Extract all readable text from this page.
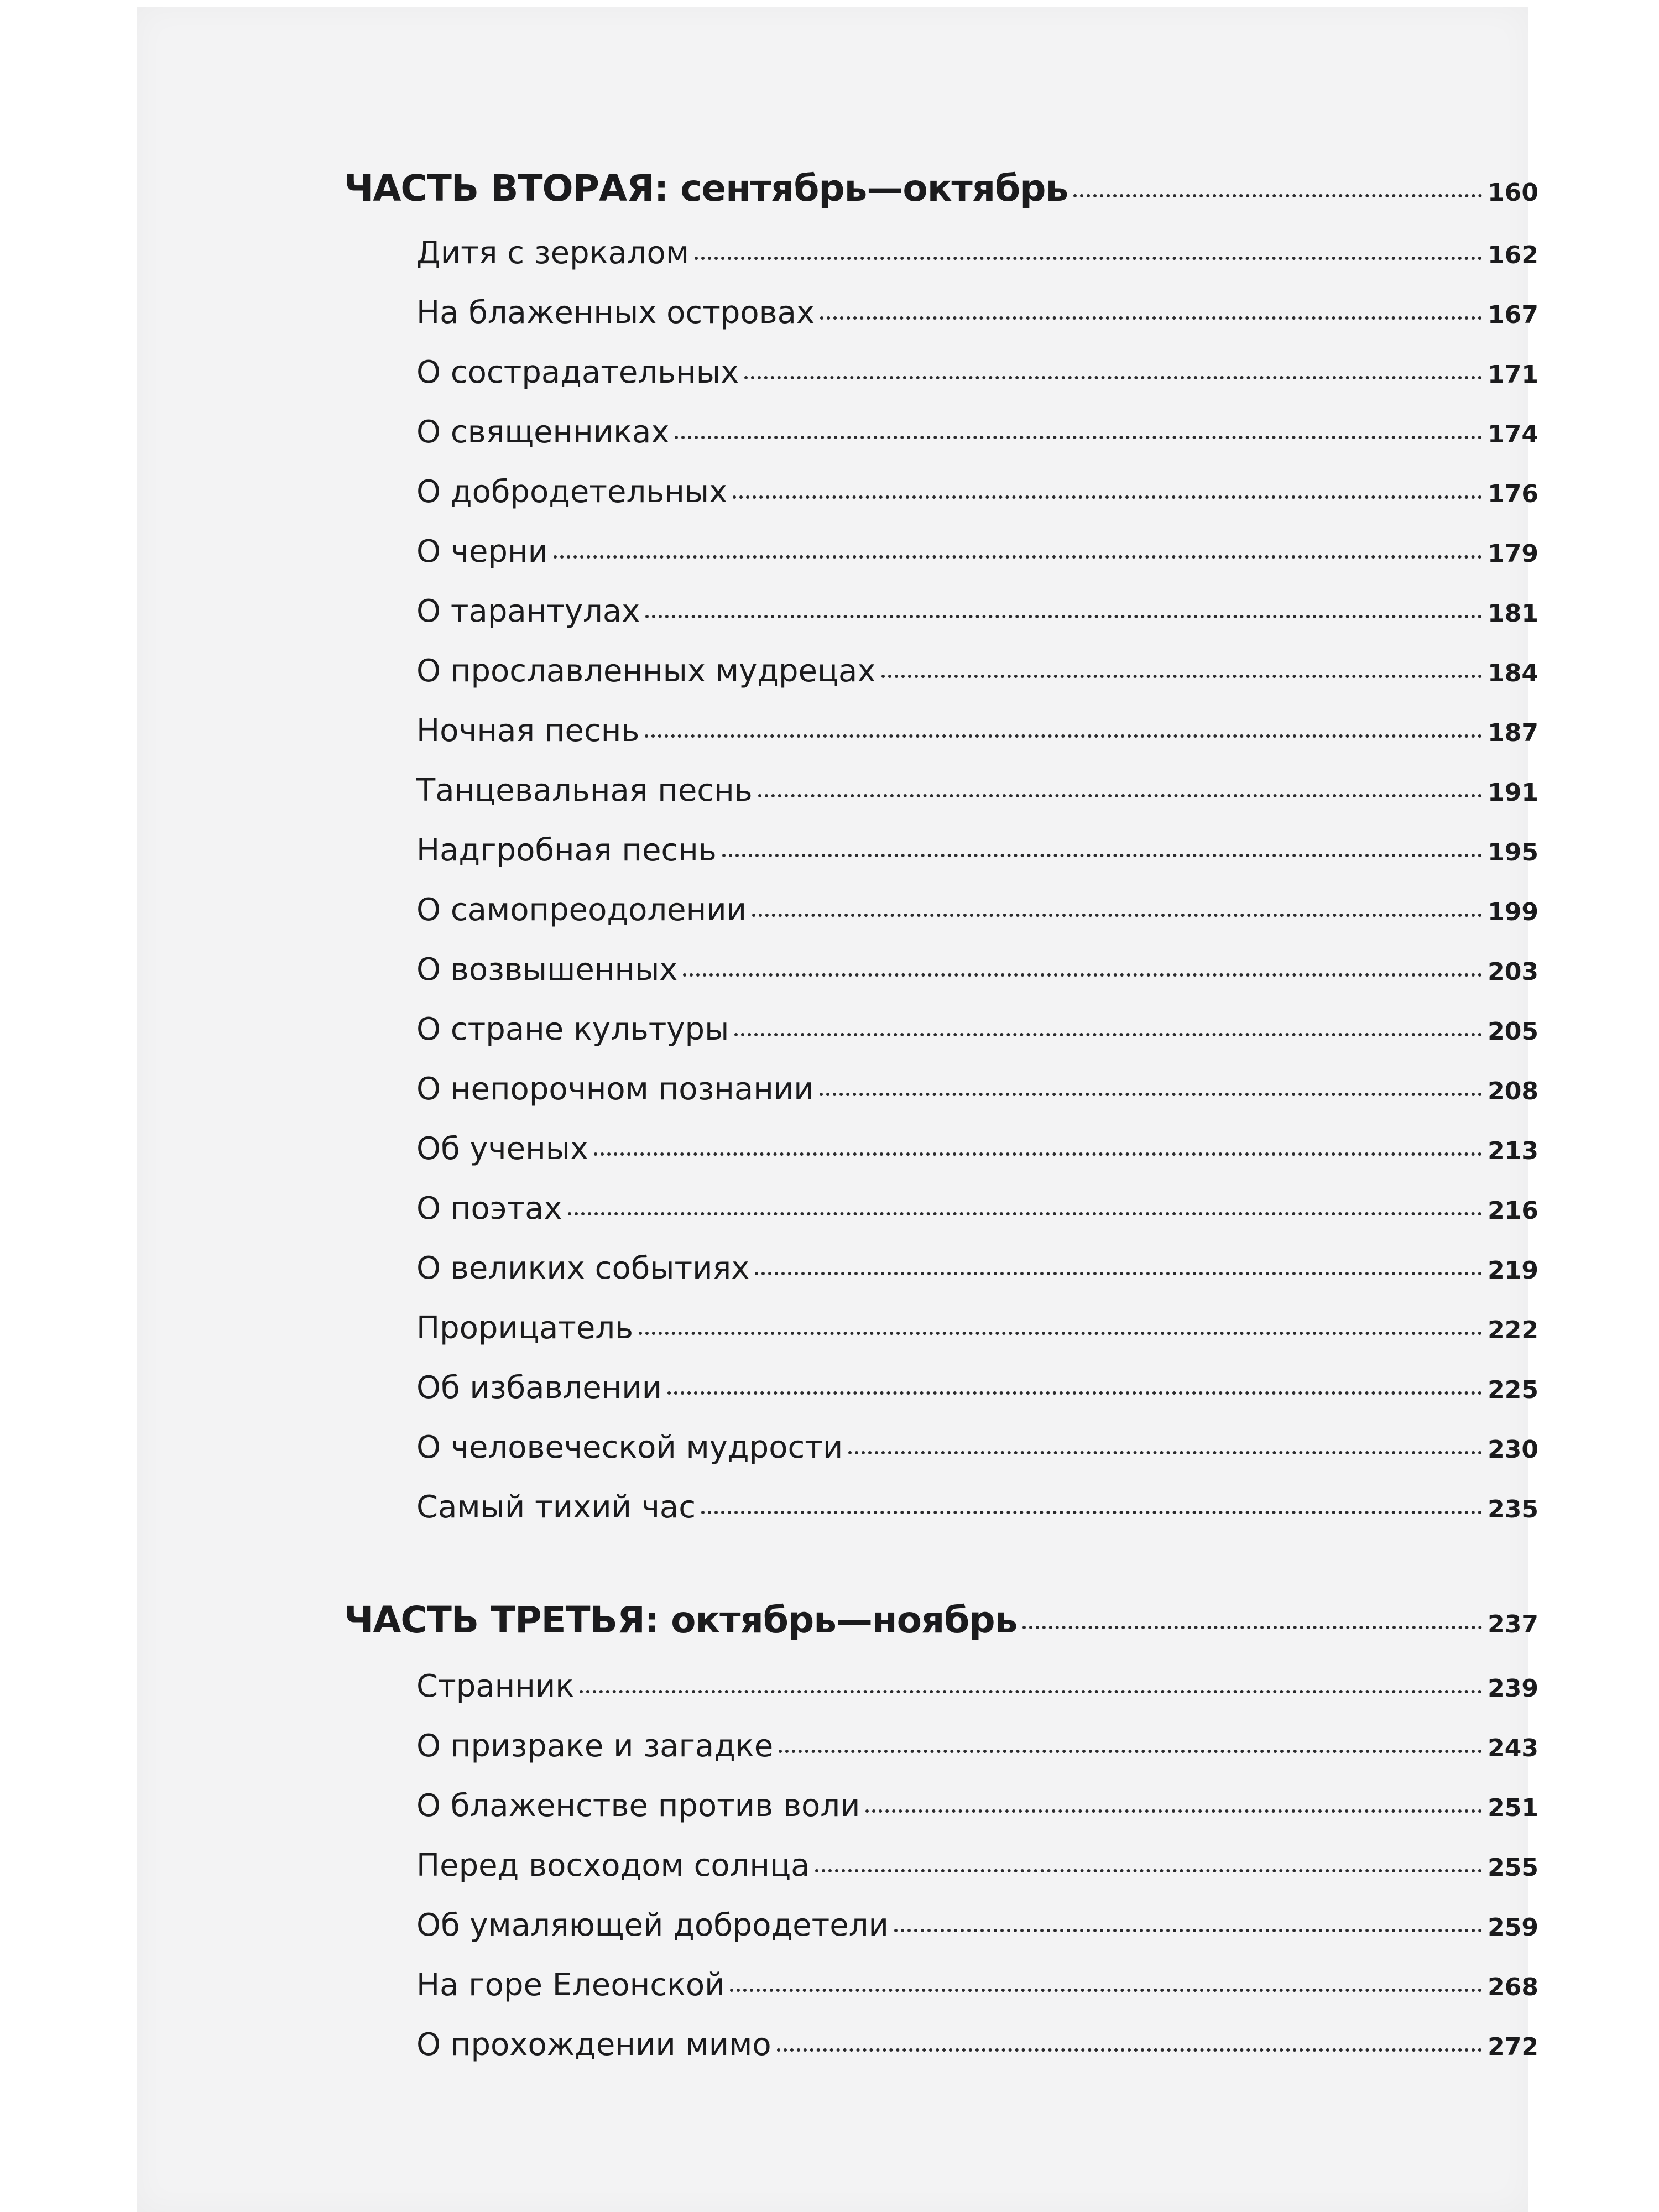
ЧАСТЬ ВТОРАЯ: сентябрь—октябрь	160
Дитя с зеркалом	162
На блаженных островах	167
О сострадательных	171
О священниках	174
О добродетельных	176
О черни	179
О тарантулах	181
О прославленных мудрецах	184
Ночная песнь	187
Танцевальная песнь	191
Надгробная песнь	195
О самопреодолении	199
О возвышенных	203
О стране культуры	205
О непорочном познании	208
Об ученых	213
О поэтах	216
О великих событиях	219
Прорицатель	222
Об избавлении	225
О человеческой мудрости	230
Самый тихий час	235
ЧАСТЬ ТРЕТЬЯ: октябрь—ноябрь	237
Странник	239
О призраке и загадке	243
О блаженстве против воли	251
Перед восходом солнца	255
Об умаляющей добродетели	259
На горе Елеонской	268
О прохождении мимо	272
